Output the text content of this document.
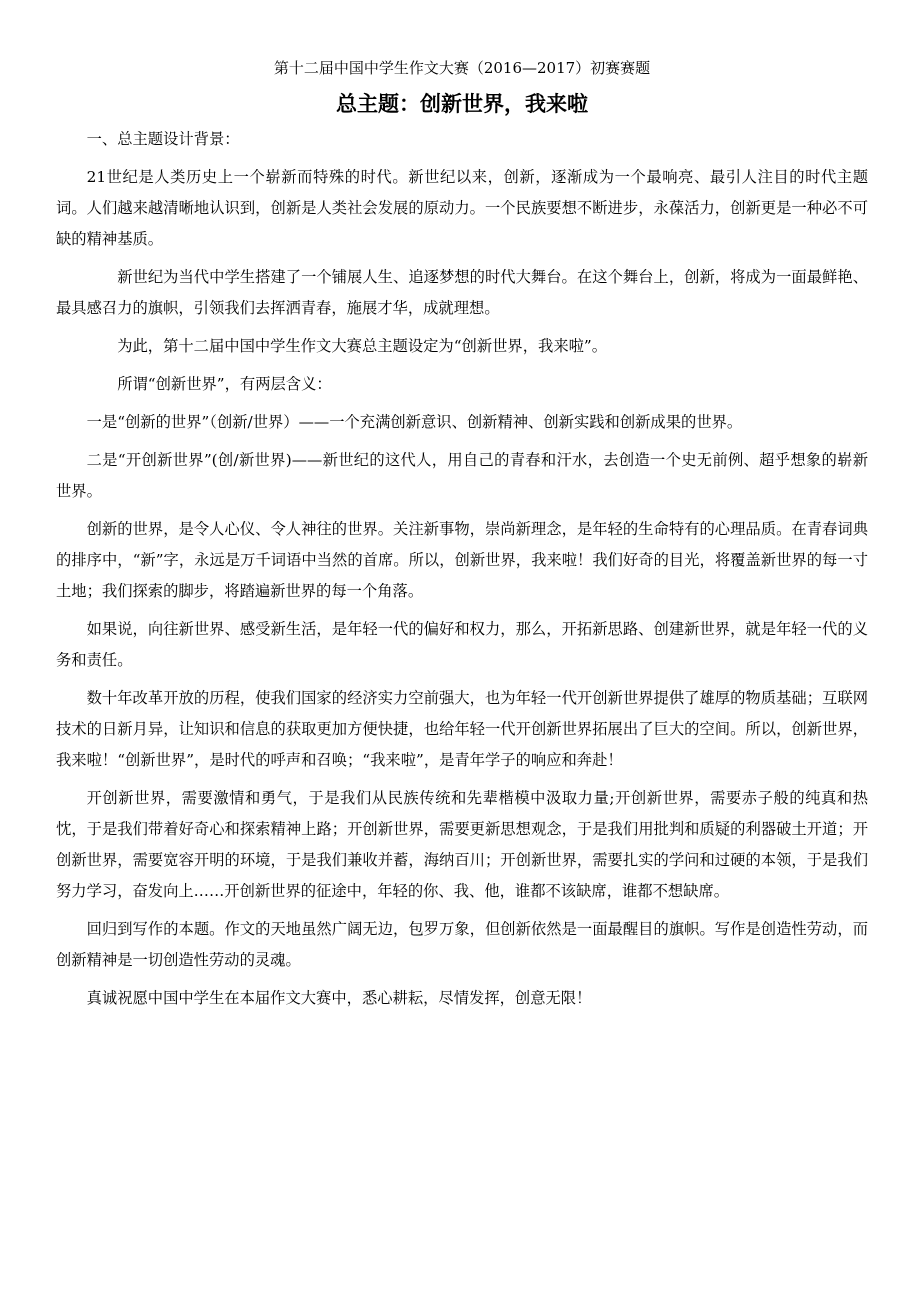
第十二届中国中学生作文大赛（2016—2017）初赛赛题

总主题：创新世界，我来啦

一、总主题设计背景：

21世纪是人类历史上一个崭新而特殊的时代。新世纪以来，创新，逐渐成为一个最响亮、最引人注目的时代主题词。人们越来越清晰地认识到，创新是人类社会发展的原动力。一个民族要想不断进步，永葆活力，创新更是一种必不可缺的精神基质。

新世纪为当代中学生搭建了一个铺展人生、追逐梦想的时代大舞台。在这个舞台上，创新，将成为一面最鲜艳、最具感召力的旗帜，引领我们去挥洒青春，施展才华，成就理想。

为此，第十二届中国中学生作文大赛总主题设定为“创新世界，我来啦”。

所谓“创新世界”，有两层含义：

一是“创新的世界”（创新/世界）——一个充满创新意识、创新精神、创新实践和创新成果的世界。

二是“开创新世界”(创/新世界)——新世纪的这代人，用自己的青春和汗水，去创造一个史无前例、超乎想象的崭新世界。

创新的世界，是令人心仪、令人神往的世界。关注新事物，崇尚新理念，是年轻的生命特有的心理品质。在青春词典的排序中，“新”字，永远是万千词语中当然的首席。所以，创新世界，我来啦！我们好奇的目光，将覆盖新世界的每一寸土地；我们探索的脚步，将踏遍新世界的每一个角落。

如果说，向往新世界、感受新生活，是年轻一代的偏好和权力，那么，开拓新思路、创建新世界，就是年轻一代的义务和责任。

数十年改革开放的历程，使我们国家的经济实力空前强大，也为年轻一代开创新世界提供了雄厚的物质基础；互联网技术的日新月异，让知识和信息的获取更加方便快捷，也给年轻一代开创新世界拓展出了巨大的空间。所以，创新世界，我来啦！“创新世界”，是时代的呼声和召唤；“我来啦”，是青年学子的响应和奔赴！

开创新世界，需要激情和勇气，于是我们从民族传统和先辈楷模中汲取力量;开创新世界，需要赤子般的纯真和热忱，于是我们带着好奇心和探索精神上路；开创新世界，需要更新思想观念，于是我们用批判和质疑的利器破土开道；开创新世界，需要宽容开明的环境，于是我们兼收并蓄，海纳百川；开创新世界，需要扎实的学问和过硬的本领，于是我们努力学习，奋发向上……开创新世界的征途中，年轻的你、我、他，谁都不该缺席，谁都不想缺席。

回归到写作的本题。作文的天地虽然广阔无边，包罗万象，但创新依然是一面最醒目的旗帜。写作是创造性劳动，而创新精神是一切创造性劳动的灵魂。

真诚祝愿中国中学生在本届作文大赛中，悉心耕耘，尽情发挥，创意无限！
